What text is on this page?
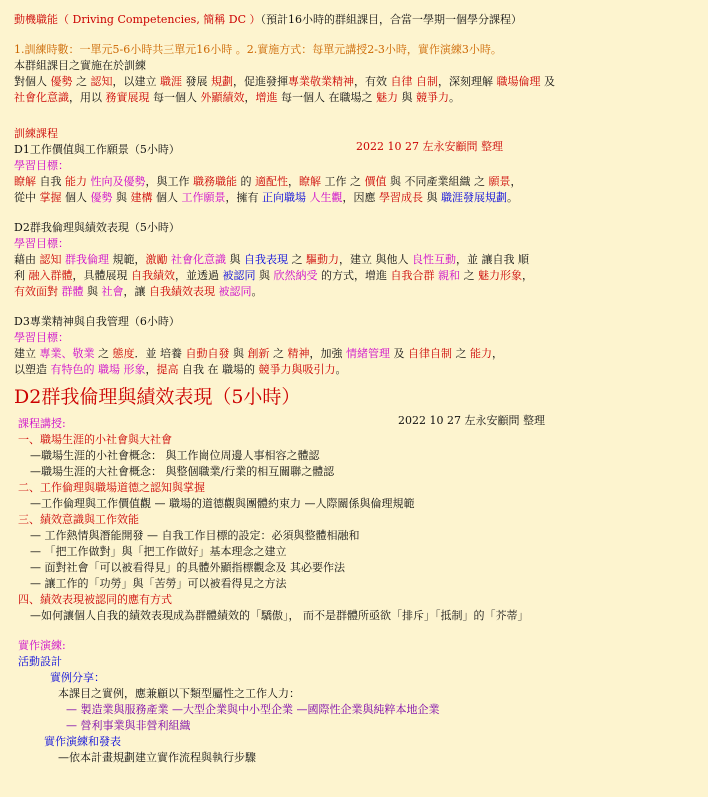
動機職能（ Driving Competencies, 簡稱 DC ）（預計16小時的群組課目，合當一學期一個學分課程）
1.訓練時數：一單元5-6小時共三單元16小時 。2.實施方式：每單元講授2-3小時，實作演練3小時。
本群組課目之實施在於訓練
對個人 優勢 之 認知，以建立 職涯 發展 規劃，促進發揮專業敬業精神，有效 自律 自制，深刻理解 職場倫理 及
社會化意識，用以 務實展現 每一個人 外顯績效，增進 每一個人 在職場之 魅力 與 競爭力。
訓練課程
D1工作價值與工作願景（5小時）	2022 10 27 左永安顧問 整理
學習目標：
瞭解 自我 能力 性向及優勢，與工作 職務職能 的 適配性，瞭解 工作 之 價值 與 不同產業組織 之 願景，
從中 掌握 個人 優勢 與 建構 個人 工作願景，擁有 正向職場 人生觀，因應 學習成長 與 職涯發展規劃。
D2群我倫理與績效表現（5小時）
學習目標：
藉由 認知 群我倫理 規範，激勵 社會化意識 與 自我表現 之 驅動力，建立 與他人 良性互動，並 讓自我 順
利 融入群體，具體展現 自我績效，並透過 被認同 與 欣然納受 的方式，增進 自我合群 親和 之 魅力形象，
有效面對 群體 與 社會，讓 自我績效表現 被認同。
D3專業精神與自我管理（6小時）
學習目標：
建立 專業、敬業 之 態度．並 培養 自動自發 與 創新 之 精神，加強 情緒管理 及 自律自制 之 能力，
以塑造 有特色的 職場 形象，提高 自我 在 職場的 競爭力與吸引力。
D2群我倫理與績效表現（5小時）
課程講授:	2022 10 27 左永安顧問 整理
一、職場生涯的小社會與大社會
—職場生涯的小社會概念： 與工作崗位周邊人事相容之體認
—職場生涯的大社會概念： 與整個職業/行業的相互關聯之體認
二、工作倫理與職場道德之認知與掌握
—工作倫理與工作價值觀 — 職場的道德觀與團體約束力 —人際關係與倫理規範
三、績效意識與工作效能
— 工作熱情與潛能開發 — 自我工作目標的設定：必須與整體相融和
— 「把工作做對」與「把工作做好」基本理念之建立
— 面對社會「可以被看得見」的具體外顯指標觀念及 其必要作法
— 讓工作的「功勞」與「苦勞」可以被看得見之方法
四、績效表現被認同的應有方式
—如何讓個人自我的績效表現成為群體績效的「驕傲」， 而不是群體所亟欲「排斥」「抵制」的「芥蒂」
實作演練:
活動設計
實例分享：
本課目之實例，應兼顧以下類型屬性之工作人力：
— 製造業與服務產業 —大型企業與中小型企業 —國際性企業與純粹本地企業
— 營利事業與非營利組織
實作演練和發表
—依本計畫規劃建立實作流程與執行步驟
